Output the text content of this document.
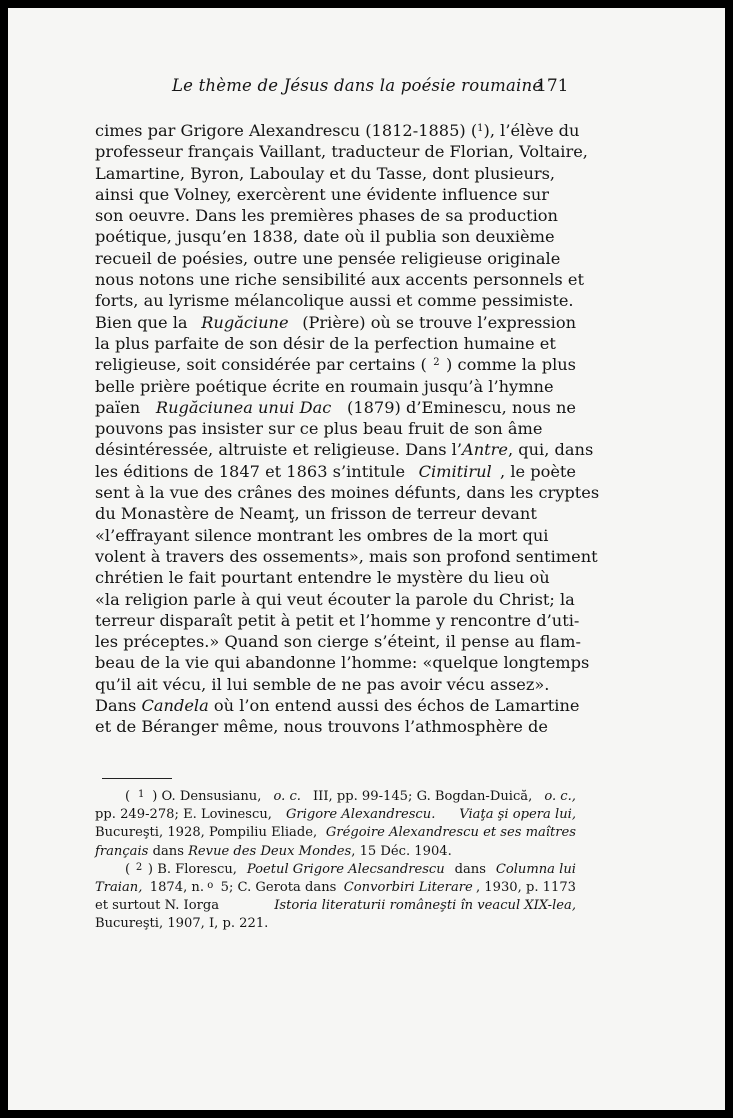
Le thème de Jésus dans la poésie roumaine
171
cimes par Grigore Alexandrescu (1812-1885) ($^1$ ), l’élève du
professeur français Vaillant, traducteur de Florian, Voltaire,
Lamartine, Byron, Laboulay et du Tasse, dont plusieurs,
ainsi que Volney, exercèrent une évidente influence sur
son oeuvre. Dans les premières phases de sa production
poétique, jusqu’en 1838, date où il publia son deuxième
recueil de poésies, outre une pensée religieuse originale
nous notons une riche sensibilité aux accents personnels et
forts, au lyrisme mélancolique aussi et comme pessimiste.
Bien que la Rugăciune (Prière) où se trouve l’expression
la plus parfaite de son désir de la perfection humaine et
religieuse, soit considérée par certains ( $^2$ ) comme la plus
belle prière poétique écrite en roumain jusqu’à l’hymne
païen Rugăciunea unui Dac (1879) d’Eminescu, nous ne
pouvons pas insister sur ce plus beau fruit de son âme
désintéressée, altruiste et religieuse. Dans l’ Antre , qui, dans
les éditions de 1847 et 1863 s’intitule Cimitirul , le poète
sent à la vue des crânes des moines défunts, dans les cryptes
du Monastère de Neamţ, un frisson de terreur devant
«l’effrayant silence montrant les ombres de la mort qui
volent à travers des ossements», mais son profond sentiment
chrétien le fait pourtant entendre le mystère du lieu où
«la religion parle à qui veut écouter la parole du Christ; la
terreur disparaît petit à petit et l’homme y rencontre d’uti-
les préceptes.» Quand son cierge s’éteint, il pense au flam-
beau de la vie qui abandonne l’homme: «quelque longtemps
qu’il ait vécu, il lui semble de ne pas avoir vécu assez».
Dans Candela où l’on entend aussi des échos de Lamartine
et de Béranger même, nous trouvons l’athmosphère de
( $^1$ ) O. Densusianu, o. c. III, pp. 99-145; G. Bogdan-Duică, o. c.,
pp. 249-278; E. Lovinescu, Grigore Alexandrescu.
Viaţa şi opera lui,
Bucureşti, 1928, Pompiliu Eliade, Grégoire Alexandrescu et ses maîtres
français dans Revue des Deux Mondes , 15 Déc. 1904.
( $^2$ ) B. Florescu, Poetul Grigore Alecsandrescu dans Columna lui
Traian, 1874, n. $^o$ 5; C. Gerota dans Convorbiri Literare , 1930, p. 1173
et surtout N. Iorga	Istoria literaturii româneşti în veacul XIX-lea,
Bucureşti, 1907, I, p. 221.
